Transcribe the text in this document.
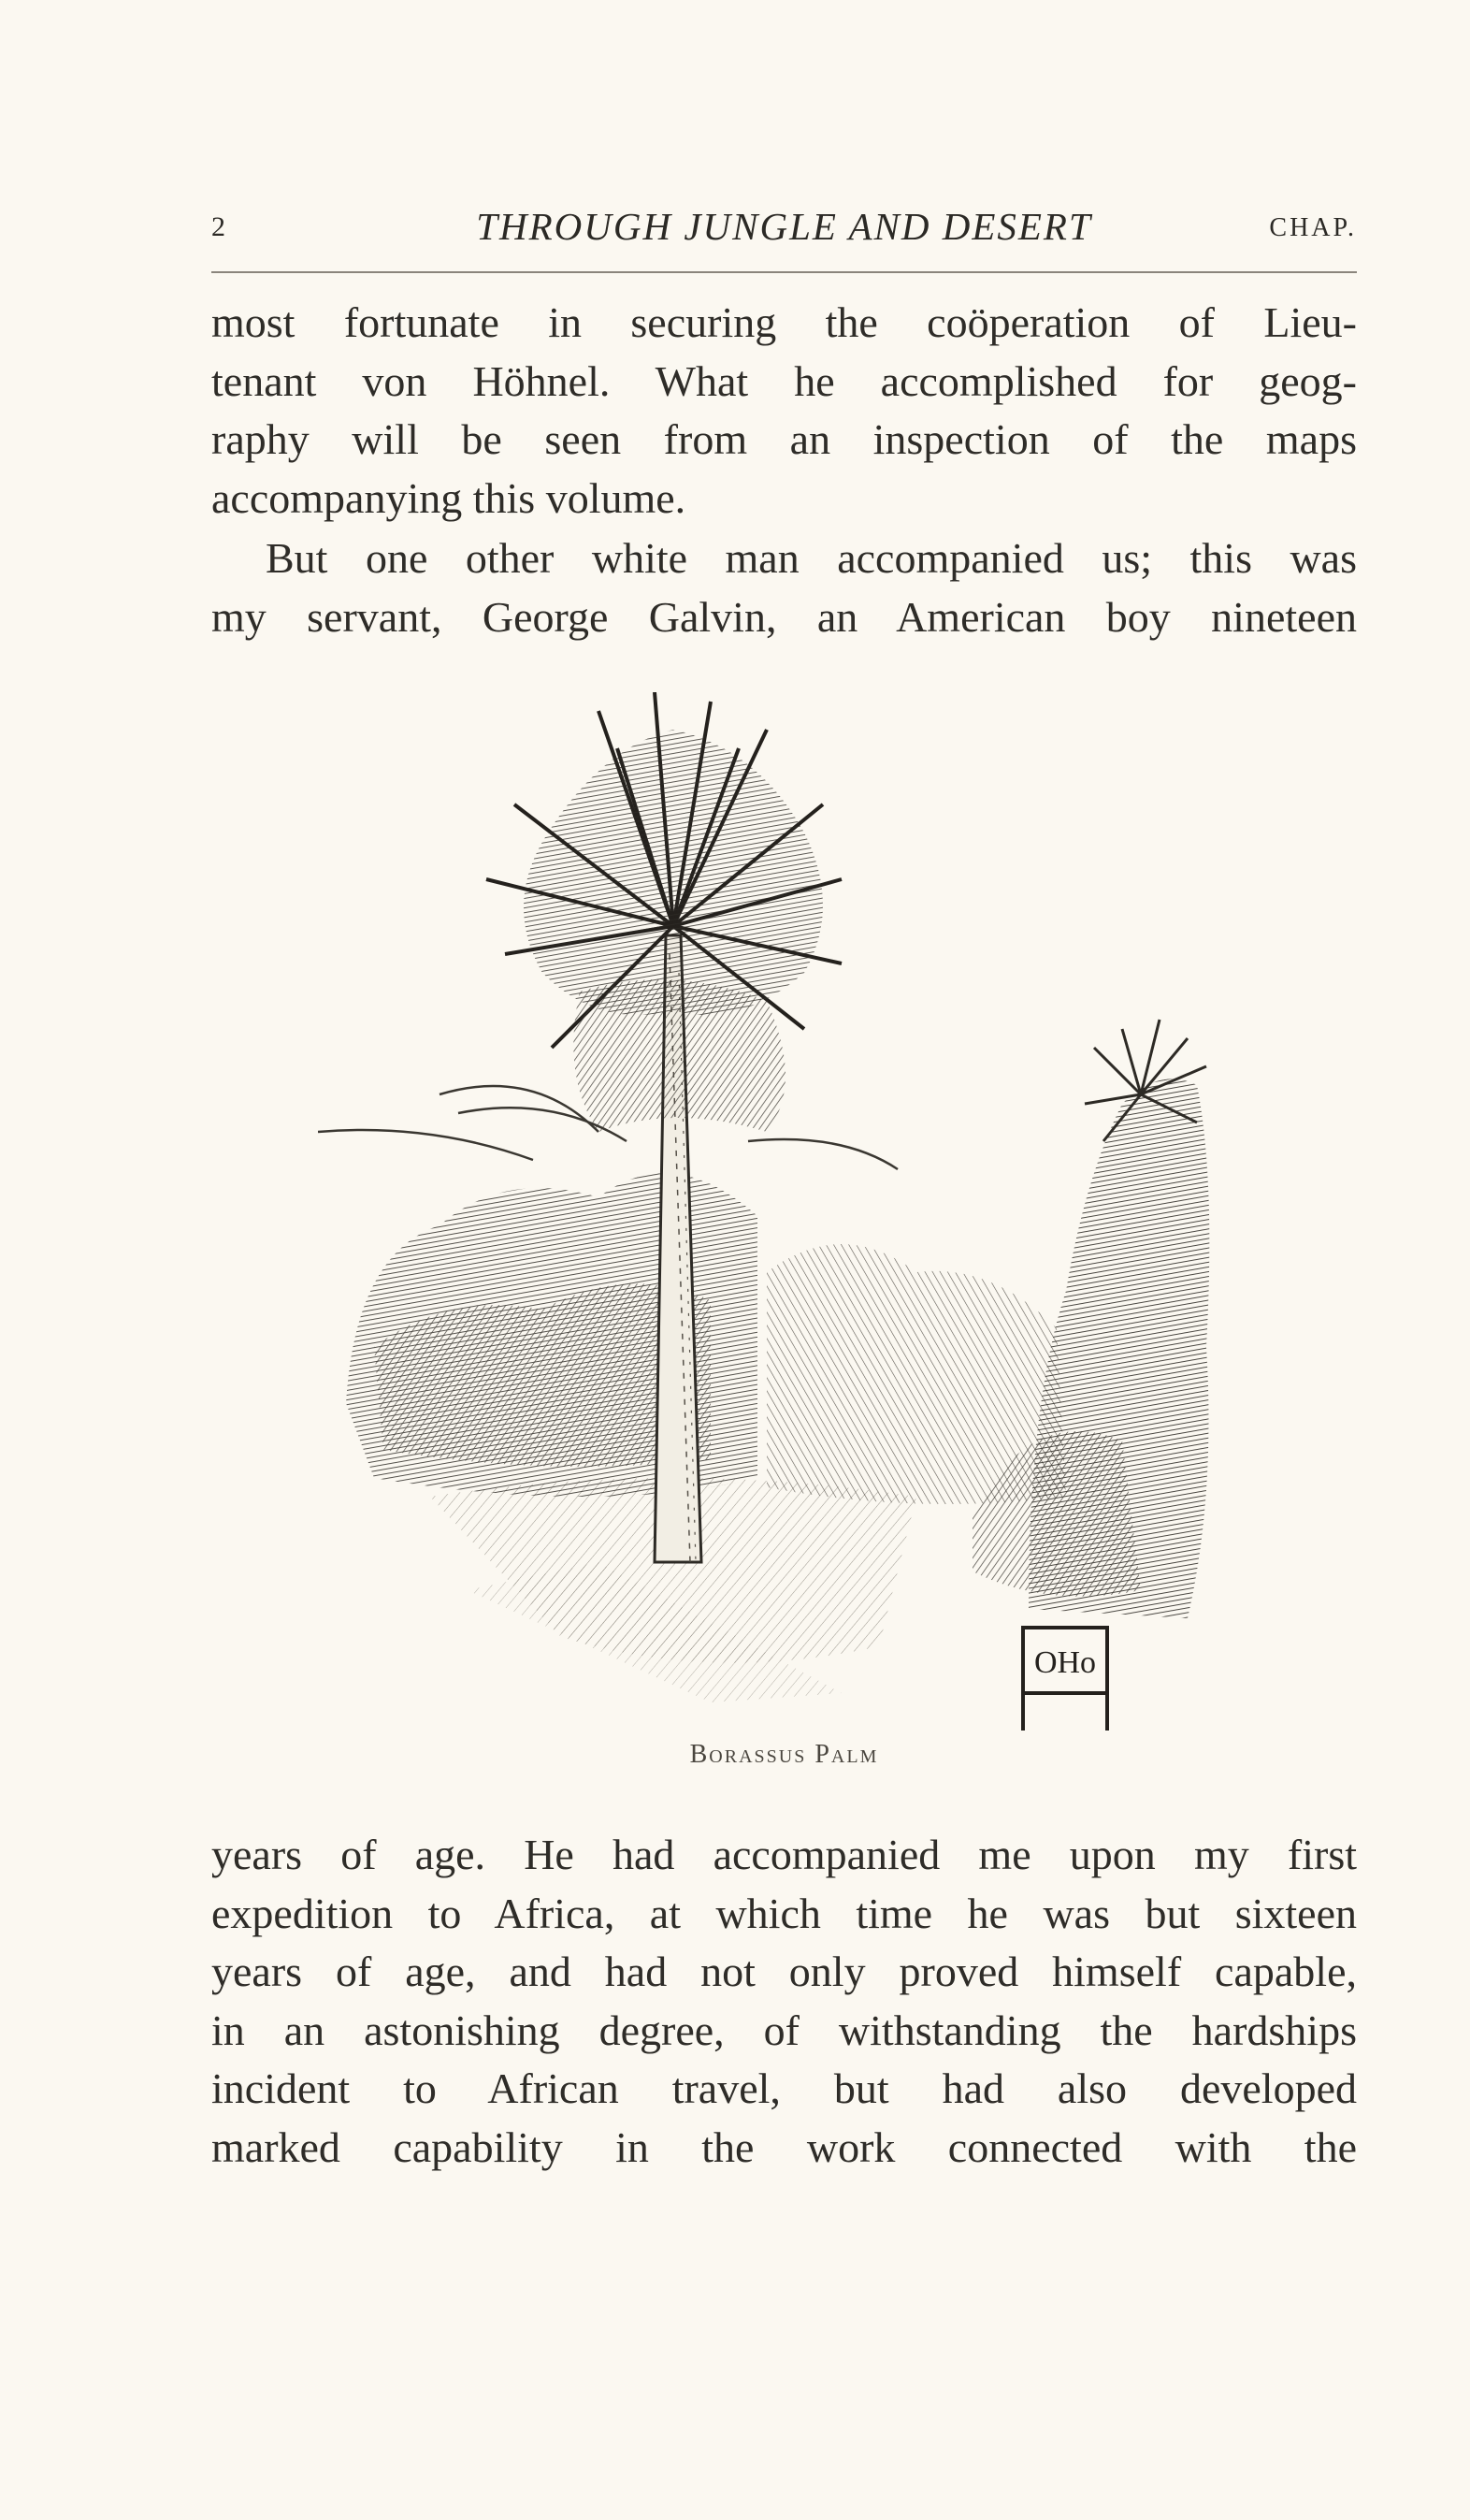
2	THROUGH JUNGLE AND DESERT	CHAP.
most fortunate in securing the coöperation of Lieu-
tenant von Höhnel. What he accomplished for geog-
raphy will be seen from an inspection of the maps
accompanying this volume.
But one other white man accompanied us; this was
my servant, George Galvin, an American boy nineteen
OHo
Borassus Palm
years of age. He had accompanied me upon my first
expedition to Africa, at which time he was but sixteen
years of age, and had not only proved himself capable,
in an astonishing degree, of withstanding the hardships
incident to African travel, but had also developed
marked capability in the work connected with the
